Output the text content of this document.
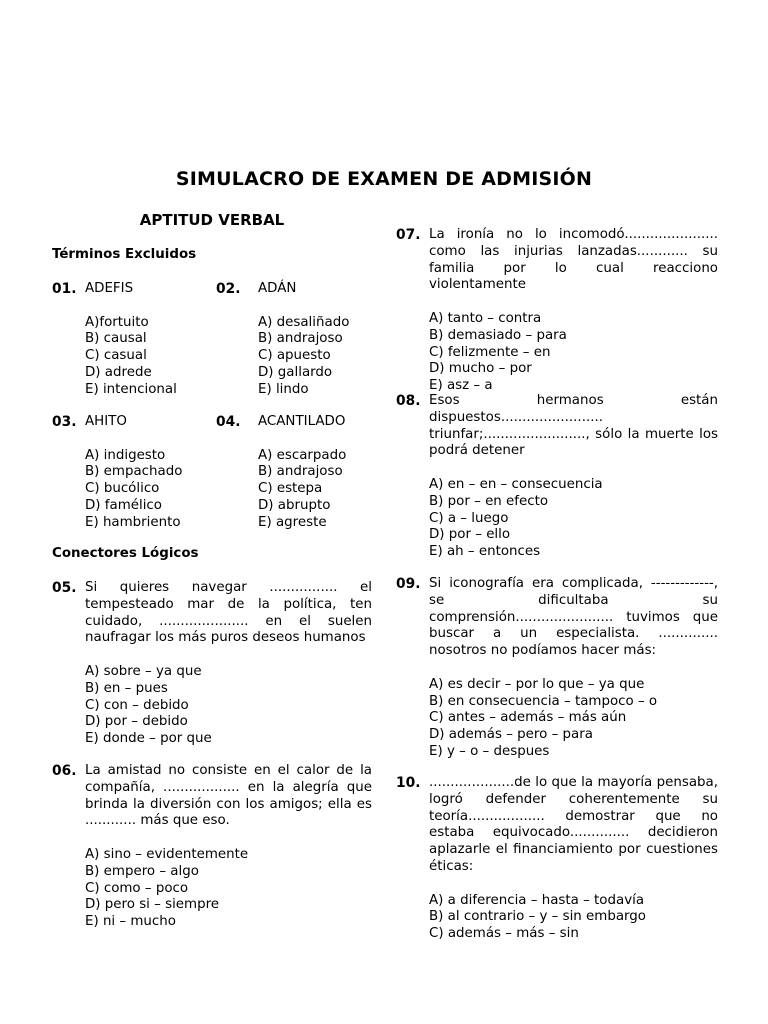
SIMULACRO DE EXAMEN DE ADMISIÓN
APTITUD VERBAL
Términos Excluidos
01. ADEFIS
A)fortuito
B) causal
C) casual
D) adrede
E) intencional
02. ADÁN
A) desaliñado
B) andrajoso
C) apuesto
D) gallardo
E) lindo
03. AHITO
A) indigesto
B) empachado
C) bucólico
D) famélico
E) hambriento
04. ACANTILADO
A) escarpado
B) andrajoso
C) estepa
D) abrupto
E) agreste
Conectores Lógicos
05. Si quieres navegar ................ el tempesteado mar de la política, ten cuidado, ..................... en el suelen naufragar los más puros deseos humanos
A) sobre – ya que
B) en – pues
C) con – debido
D) por – debido
E) donde – por que
06. La amistad no consiste en el calor de la compañía, .................. en la alegría que brinda la diversión con los amigos; ella es ............ más que eso.
A) sino – evidentemente
B) empero – algo
C) como – poco
D) pero si – siempre
E) ni – mucho
07. La ironía no lo incomodó...................... como las injurias lanzadas............ su familia por lo cual reacciono violentamente
A) tanto – contra
B) demasiado – para
C) felizmente – en
D) mucho – por
E) asz – a
08. Esos hermanos están dispuestos........................ triunfar;........................, sólo la muerte los podrá detener
A) en – en – consecuencia
B) por – en efecto
C) a – luego
D) por – ello
E) ah – entonces
09. Si iconografía era complicada, -------------, se dificultaba su comprensión....................... tuvimos que buscar a un especialista. .............. nosotros no podíamos hacer más:
A) es decir – por lo que – ya que
B) en consecuencia – tampoco – o
C) antes – además – más aún
D) además – pero – para
E) y – o – despues
10. ....................de lo que la mayoría pensaba, logró defender coherentemente su teoría.................. demostrar que no estaba equivocado.............. decidieron aplazarle el financiamiento por cuestiones éticas:
A) a diferencia – hasta – todavía
B) al contrario – y – sin embargo
C) además – más – sin
